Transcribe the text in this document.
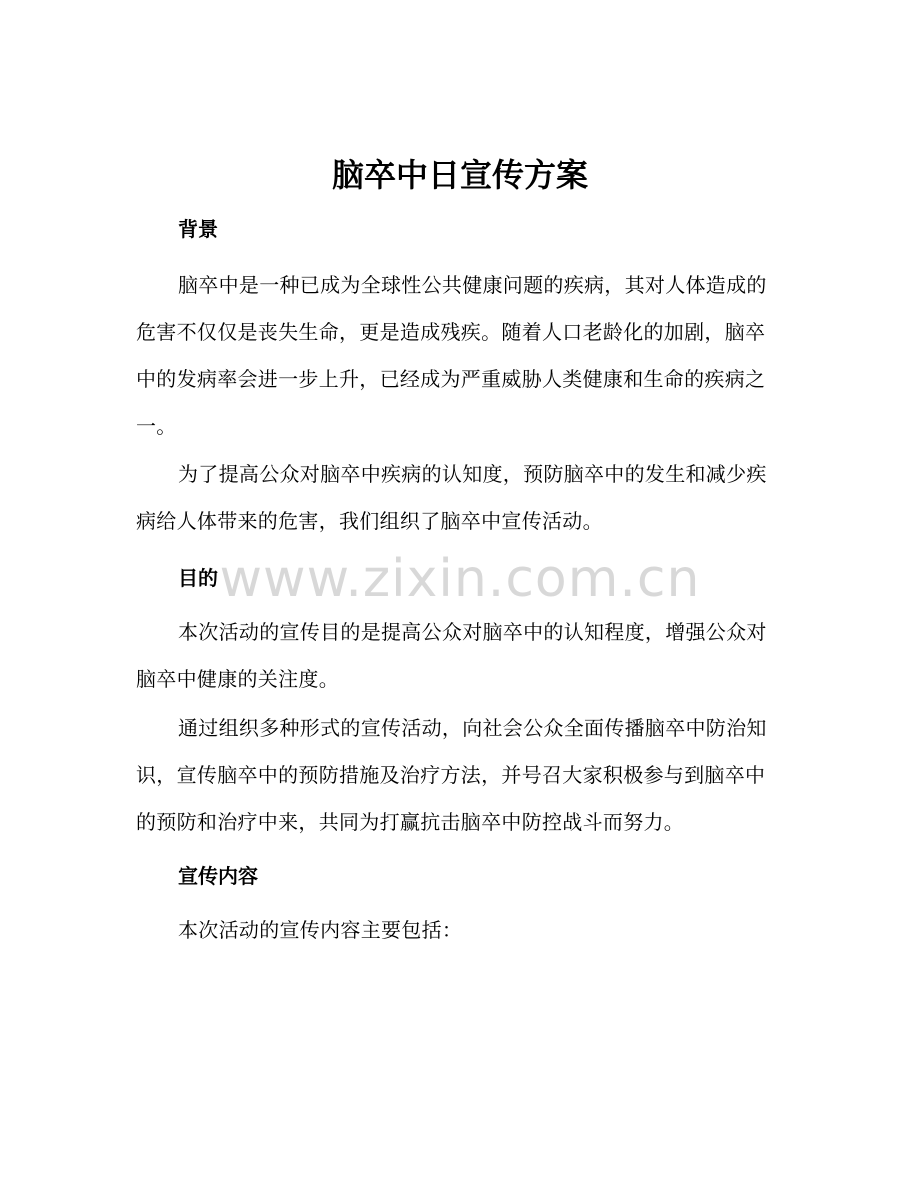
脑卒中日宣传方案
背景

脑卒中是一种已成为全球性公共健康问题的疾病，其对人体造成的危害不仅仅是丧失生命，更是造成残疾。随着人口老龄化的加剧，脑卒中的发病率会进一步上升，已经成为严重威胁人类健康和生命的疾病之一。

为了提高公众对脑卒中疾病的认知度，预防脑卒中的发生和减少疾病给人体带来的危害，我们组织了脑卒中宣传活动。

目的

本次活动的宣传目的是提高公众对脑卒中的认知程度，增强公众对脑卒中健康的关注度。

通过组织多种形式的宣传活动，向社会公众全面传播脑卒中防治知识，宣传脑卒中的预防措施及治疗方法，并号召大家积极参与到脑卒中的预防和治疗中来，共同为打赢抗击脑卒中防控战斗而努力。

宣传内容

本次活动的宣传内容主要包括：

www.zixin.com.cn
